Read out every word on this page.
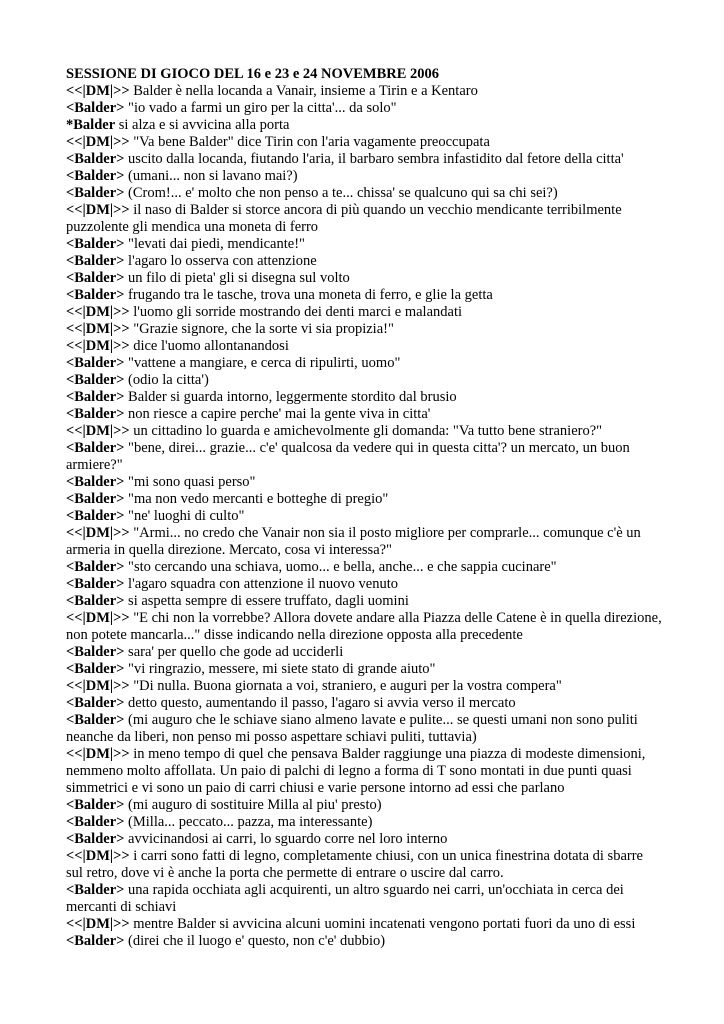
SESSIONE DI GIOCO DEL 16 e 23 e 24 NOVEMBRE 2006

<<|DM|>> Balder è nella locanda a Vanair, insieme a Tirin e a Kentaro

<Balder> "io vado a farmi un giro per la citta'... da solo"

*Balder si alza e si avvicina alla porta

<<|DM|>> "Va bene Balder" dice Tirin con l'aria vagamente preoccupata

<Balder> uscito dalla locanda, fiutando l'aria, il barbaro sembra infastidito dal fetore della citta'

<Balder> (umani... non si lavano mai?)

<Balder> (Crom!... e' molto che non penso a te... chissa' se qualcuno qui sa chi sei?)

<<|DM|>> il naso di Balder si storce ancora di più quando un vecchio mendicante terribilmente puzzolente gli mendica una moneta di ferro

<Balder> "levati dai piedi, mendicante!"

<Balder> l'agaro lo osserva con attenzione

<Balder> un filo di pieta' gli si disegna sul volto

<Balder> frugando tra le tasche, trova una moneta di ferro, e glie la getta

<<|DM|>> l'uomo gli sorride mostrando dei denti marci e malandati

<<|DM|>> "Grazie signore, che la sorte vi sia propizia!"

<<|DM|>> dice l'uomo allontanandosi

<Balder> "vattene a mangiare, e cerca di ripulirti, uomo"

<Balder> (odio la citta')

<Balder> Balder si guarda intorno, leggermente stordito dal brusio

<Balder> non riesce a capire perche' mai la gente viva in citta'

<<|DM|>> un cittadino lo guarda e amichevolmente gli domanda: "Va tutto bene straniero?"

<Balder> "bene, direi... grazie... c'e' qualcosa da vedere qui in questa citta'? un mercato, un buon armiere?"

<Balder> "mi sono quasi perso"

<Balder> "ma non vedo mercanti e botteghe di pregio"

<Balder> "ne' luoghi di culto"

<<|DM|>> "Armi... no credo che Vanair non sia il posto migliore per comprarle... comunque c'è un armeria in quella direzione. Mercato, cosa vi interessa?"

<Balder> "sto cercando una schiava, uomo... e bella, anche... e che sappia cucinare"

<Balder> l'agaro squadra con attenzione il nuovo venuto

<Balder> si aspetta sempre di essere truffato, dagli uomini

<<|DM|>> "E chi non la vorrebbe? Allora dovete andare alla Piazza delle Catene è in quella direzione, non potete mancarla..." disse indicando nella direzione opposta alla precedente

<Balder> sara' per quello che gode ad ucciderli

<Balder> "vi ringrazio, messere, mi siete stato di grande aiuto"

<<|DM|>> "Di nulla. Buona giornata a voi, straniero, e auguri per la vostra compera"

<Balder> detto questo, aumentando il passo, l'agaro si avvia verso il mercato

<Balder> (mi auguro che le schiave siano almeno lavate e pulite... se questi umani non sono puliti neanche da liberi, non penso mi posso aspettare schiavi puliti, tuttavia)

<<|DM|>> in meno tempo di quel che pensava Balder raggiunge una piazza di modeste dimensioni, nemmeno molto affollata. Un paio di palchi di legno a forma di T sono montati in due punti quasi simmetrici e vi sono un paio di carri chiusi e varie persone intorno ad essi che parlano

<Balder> (mi auguro di sostituire Milla al piu' presto)

<Balder> (Milla... peccato... pazza, ma interessante)

<Balder> avvicinandosi ai carri, lo sguardo corre nel loro interno

<<|DM|>> i carri sono fatti di legno, completamente chiusi, con un unica finestrina dotata di sbarre sul retro, dove vi è anche la porta che permette di entrare o uscire dal carro.

<Balder> una rapida occhiata agli acquirenti, un altro sguardo nei carri, un'occhiata in cerca dei mercanti di schiavi

<<|DM|>> mentre Balder si avvicina alcuni uomini incatenati vengono portati fuori da uno di essi

<Balder> (direi che il luogo e' questo, non c'e' dubbio)
